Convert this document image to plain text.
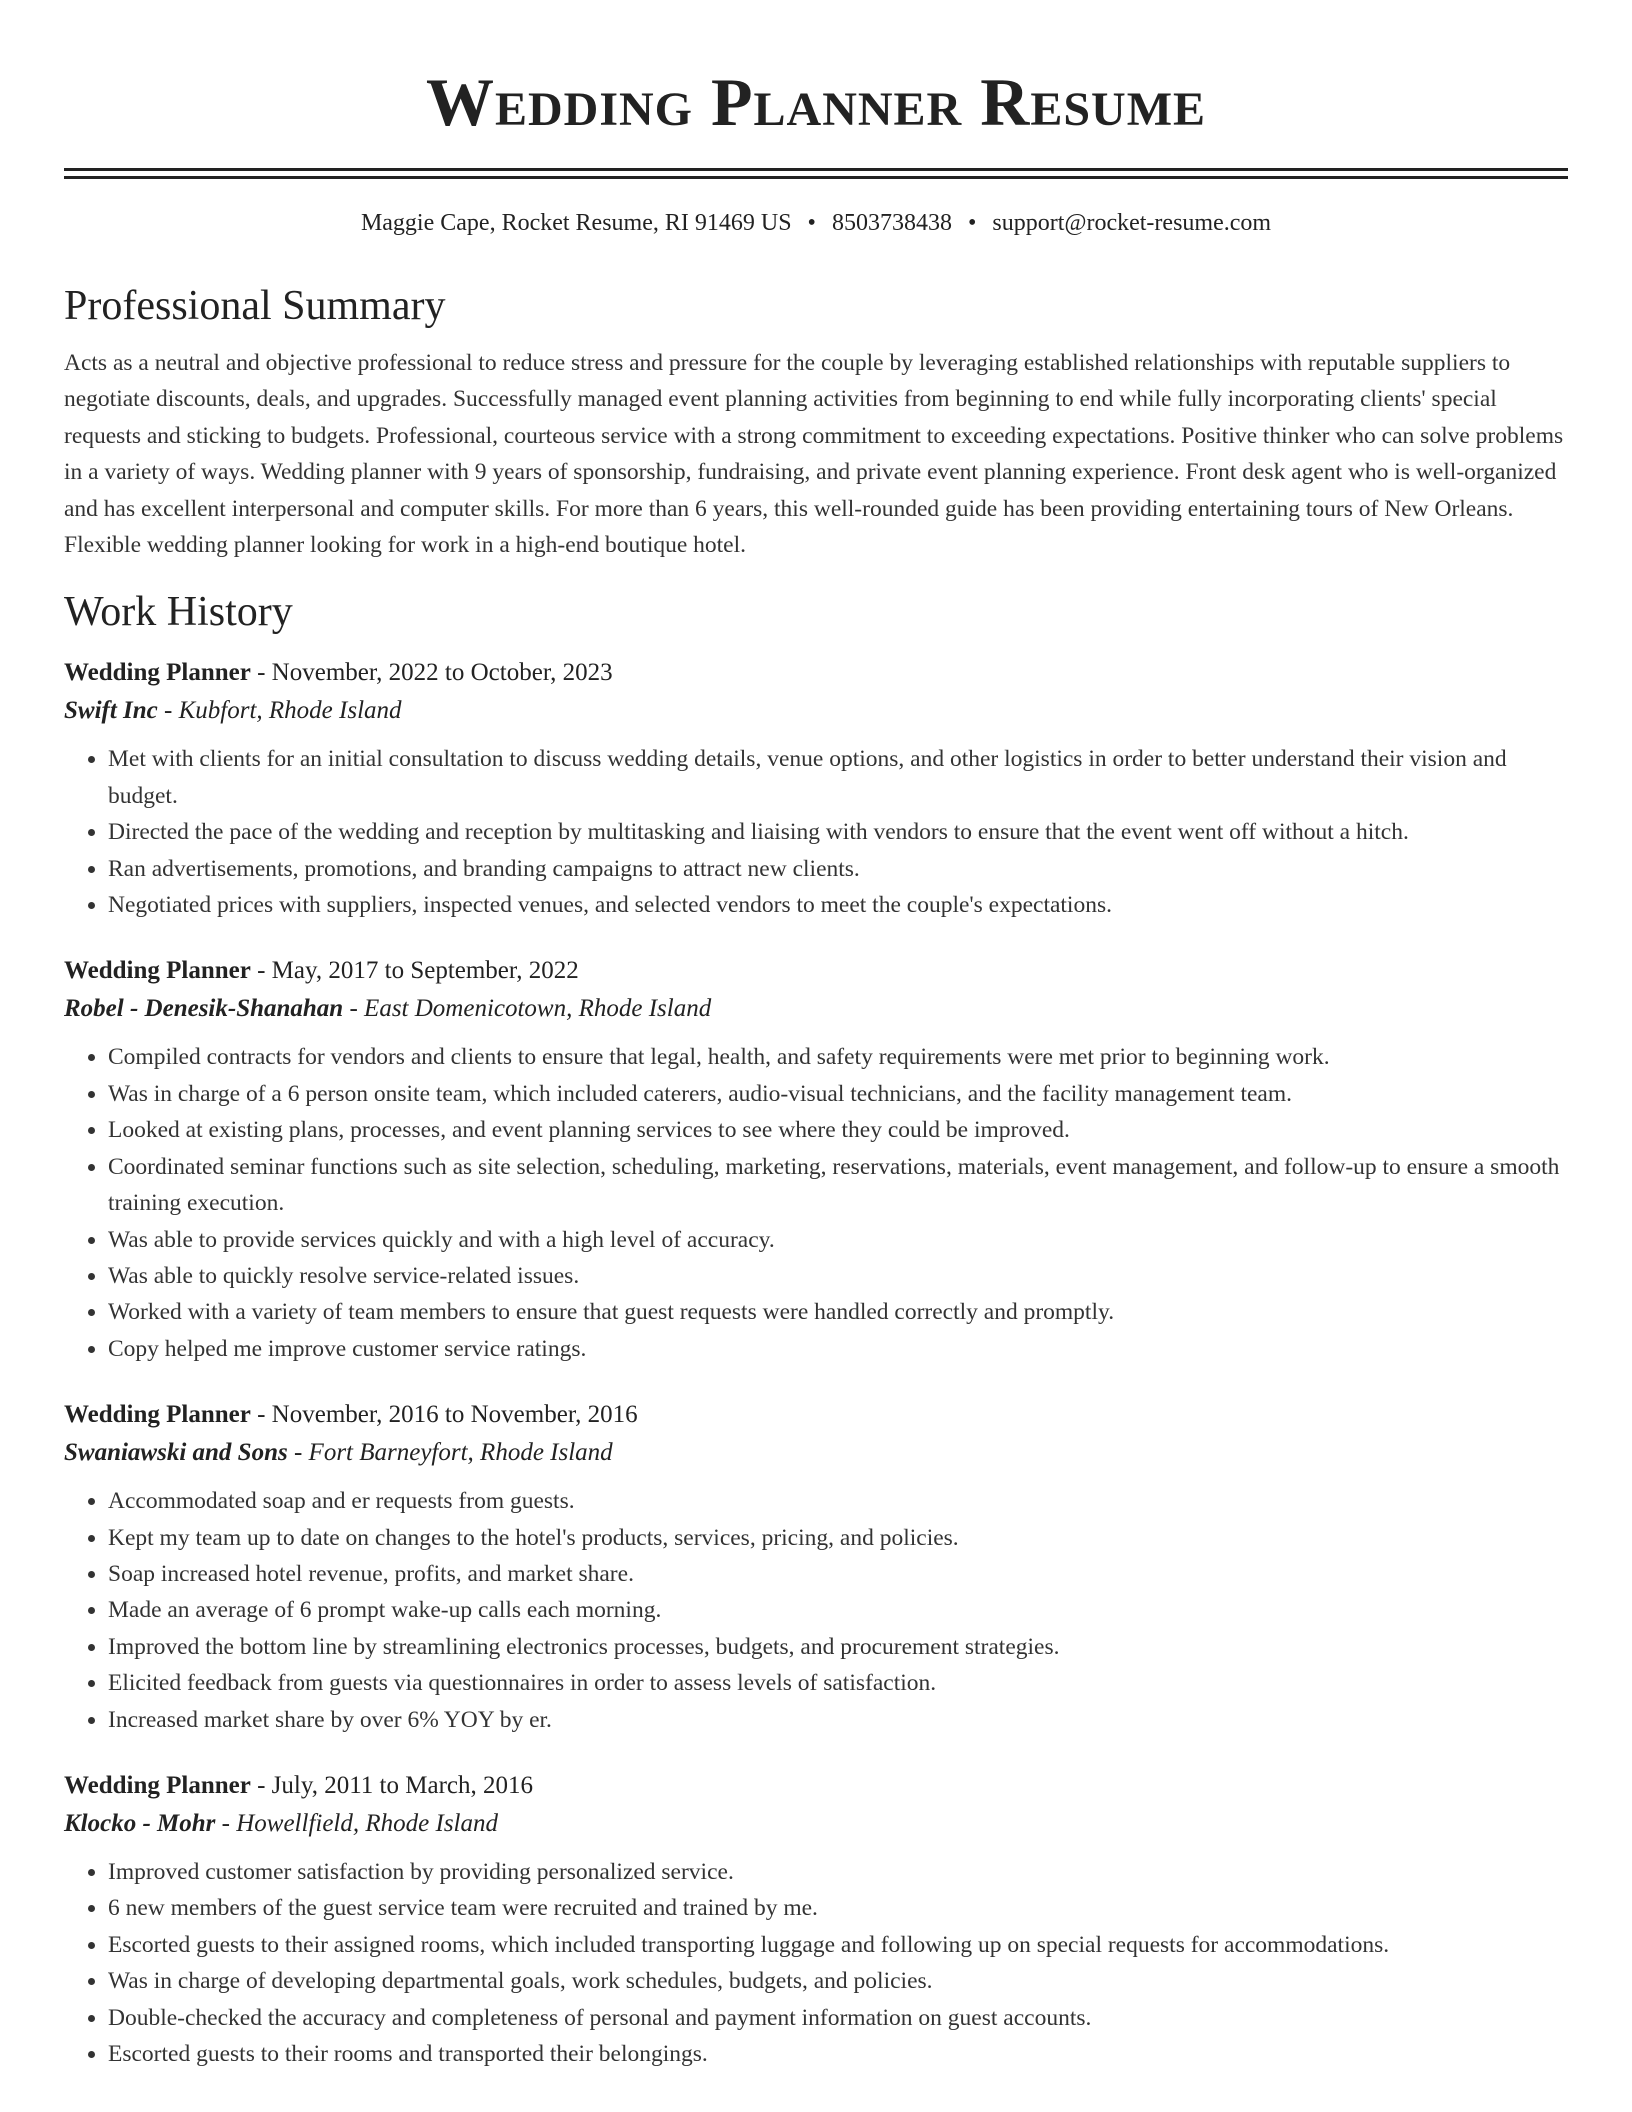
Wedding Planner Resume
Maggie Cape, Rocket Resume, RI 91469 US • 8503738438 • support@rocket-resume.com
Professional Summary
Acts as a neutral and objective professional to reduce stress and pressure for the couple by leveraging established relationships with reputable suppliers to negotiate discounts, deals, and upgrades. Successfully managed event planning activities from beginning to end while fully incorporating clients' special requests and sticking to budgets. Professional, courteous service with a strong commitment to exceeding expectations. Positive thinker who can solve problems in a variety of ways. Wedding planner with 9 years of sponsorship, fundraising, and private event planning experience. Front desk agent who is well-organized and has excellent interpersonal and computer skills. For more than 6 years, this well-rounded guide has been providing entertaining tours of New Orleans. Flexible wedding planner looking for work in a high-end boutique hotel.
Work History
Wedding Planner - November, 2022 to October, 2023
Swift Inc - Kubfort, Rhode Island
• Met with clients for an initial consultation to discuss wedding details, venue options, and other logistics in order to better understand their vision and budget.
• Directed the pace of the wedding and reception by multitasking and liaising with vendors to ensure that the event went off without a hitch.
• Ran advertisements, promotions, and branding campaigns to attract new clients.
• Negotiated prices with suppliers, inspected venues, and selected vendors to meet the couple's expectations.
Wedding Planner - May, 2017 to September, 2022
Robel - Denesik-Shanahan - East Domenicotown, Rhode Island
• Compiled contracts for vendors and clients to ensure that legal, health, and safety requirements were met prior to beginning work.
• Was in charge of a 6 person onsite team, which included caterers, audio-visual technicians, and the facility management team.
• Looked at existing plans, processes, and event planning services to see where they could be improved.
• Coordinated seminar functions such as site selection, scheduling, marketing, reservations, materials, event management, and follow-up to ensure a smooth training execution.
• Was able to provide services quickly and with a high level of accuracy.
• Was able to quickly resolve service-related issues.
• Worked with a variety of team members to ensure that guest requests were handled correctly and promptly.
• Copy helped me improve customer service ratings.
Wedding Planner - November, 2016 to November, 2016
Swaniawski and Sons - Fort Barneyfort, Rhode Island
• Accommodated soap and er requests from guests.
• Kept my team up to date on changes to the hotel's products, services, pricing, and policies.
• Soap increased hotel revenue, profits, and market share.
• Made an average of 6 prompt wake-up calls each morning.
• Improved the bottom line by streamlining electronics processes, budgets, and procurement strategies.
• Elicited feedback from guests via questionnaires in order to assess levels of satisfaction.
• Increased market share by over 6% YOY by er.
Wedding Planner - July, 2011 to March, 2016
Klocko - Mohr - Howellfield, Rhode Island
• Improved customer satisfaction by providing personalized service.
• 6 new members of the guest service team were recruited and trained by me.
• Escorted guests to their assigned rooms, which included transporting luggage and following up on special requests for accommodations.
• Was in charge of developing departmental goals, work schedules, budgets, and policies.
• Double-checked the accuracy and completeness of personal and payment information on guest accounts.
• Escorted guests to their rooms and transported their belongings.
